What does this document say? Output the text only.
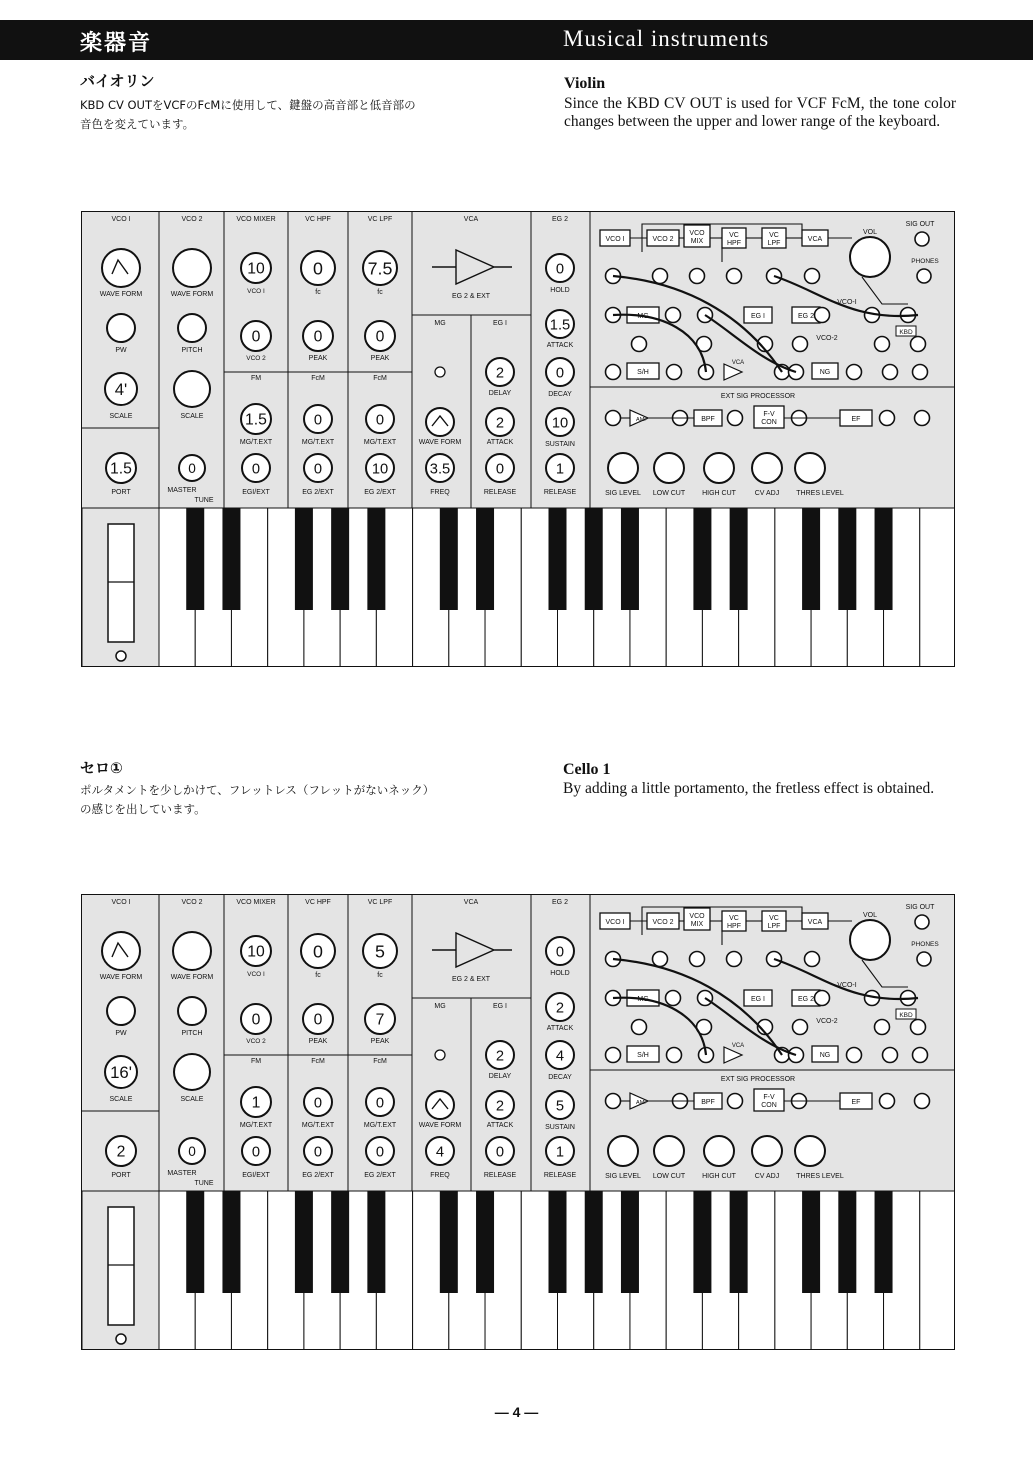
楽器音	Musical instruments
バイオリン
KBD CV OUTをVCFのFcMに使用して、鍵盤の高音部と低音部の
音色を変えています。
Violin
Since the KBD CV OUT is used for VCF FcM, the tone color changes between the upper and lower range of the keyboard.
VCO I	VCO 2	VCO MIXER	VC HPF	VC LPF	VCA	EG 2
WAVE FORM
PW
4'
SCALE
1.5
PORT
WAVE FORM
PITCH
SCALE
0
MASTER
TUNE
10
VCO I
0
VCO 2
FM
1.5
MG/T.EXT
0
EGI/EXT
0
fc
0
PEAK
FcM
0
MG/T.EXT
0
EG 2/EXT
7.5
fc
0
PEAK
FcM
0
MG/T.EXT
10
EG 2/EXT
EG 2 & EXT
MG	EG I
WAVE FORM
3.5
FREQ
2
DELAY
2
ATTACK
0
RELEASE
0
HOLD
1.5
ATTACK
0
DECAY
10
SUSTAIN
1
RELEASE
VCO I	VCO 2
VCO
MIX
VC
HPF
VC
LPF
VCA
VOL
SIG OUT
PHONES
MG	EG I	EG 2
VCO-I
VCO-2
KBD
S/H
VCA
NG
EXT SIG PROCESSOR
AMP	BPF
F-V
CON	EF
SIG LEVEL LOW CUT HIGH CUT	CV ADJ THRES LEVEL
セロ①
ポルタメントを少しかけて、フレットレス（フレットがないネック）
の感じを出しています。
Cello 1
By adding a little portamento, the fretless effect is obtained.
VCO I	VCO 2	VCO MIXER	VC HPF	VC LPF	VCA	EG 2
WAVE FORM
PW
16'
SCALE
2
PORT
WAVE FORM
PITCH
SCALE
0
MASTER
TUNE
10
VCO I
0
VCO 2
FM
1
MG/T.EXT
0
EGI/EXT
0
fc
0
PEAK
FcM
0
MG/T.EXT
0
EG 2/EXT
5
fc
7
PEAK
FcM
0
MG/T.EXT
0
EG 2/EXT
EG 2 & EXT
MG	EG I
WAVE FORM
4
FREQ
2
DELAY
2
ATTACK
0
RELEASE
0
HOLD
2
ATTACK
4
DECAY
5
SUSTAIN
1
RELEASE
VCO I	VCO 2
VCO
MIX
VC
HPF
VC
LPF
VCA
VOL
SIG OUT
PHONES
MG	EG I	EG 2
VCO-I
VCO-2
KBD
S/H
VCA
NG
EXT SIG PROCESSOR
AMP	BPF
F-V
CON	EF
SIG LEVEL LOW CUT HIGH CUT	CV ADJ THRES LEVEL
— 4 —
